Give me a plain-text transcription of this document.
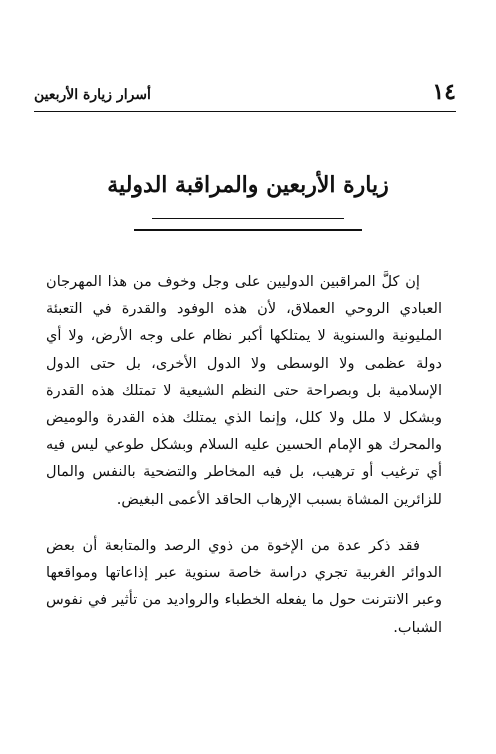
١٤
أسرار زيارة الأربعين
زيارة الأربعين والمراقبة الدولية

إن كلَّ المراقبين الدوليين على وجل وخوف من هذا المهرجان العبادي الروحي العملاق، لأن هذه الوفود والقدرة في التعبئة المليونية والسنوية لا يمتلكها أكبر نظام على وجه الأرض، ولا أي دولة عظمى ولا الوسطى ولا الدول الأخرى، بل حتى الدول الإسلامية بل وبصراحة حتى النظم الشيعية لا تمتلك هذه القدرة وبشكل لا ملل ولا كلل، وإنما الذي يمتلك هذه القدرة والوميض والمحرك هو الإمام الحسين عليه السلام وبشكل طوعي ليس فيه أي ترغيب أو ترهيب، بل فيه المخاطر والتضحية بالنفس والمال للزائرين المشاة بسبب الإرهاب الحاقد الأعمى البغيض.

فقد ذكر عدة من الإخوة من ذوي الرصد والمتابعة أن بعض الدوائر الغربية تجري دراسة خاصة سنوية عبر إذاعاتها ومواقعها وعبر الانترنت حول ما يفعله الخطباء والرواديد من تأثير في نفوس الشباب.
